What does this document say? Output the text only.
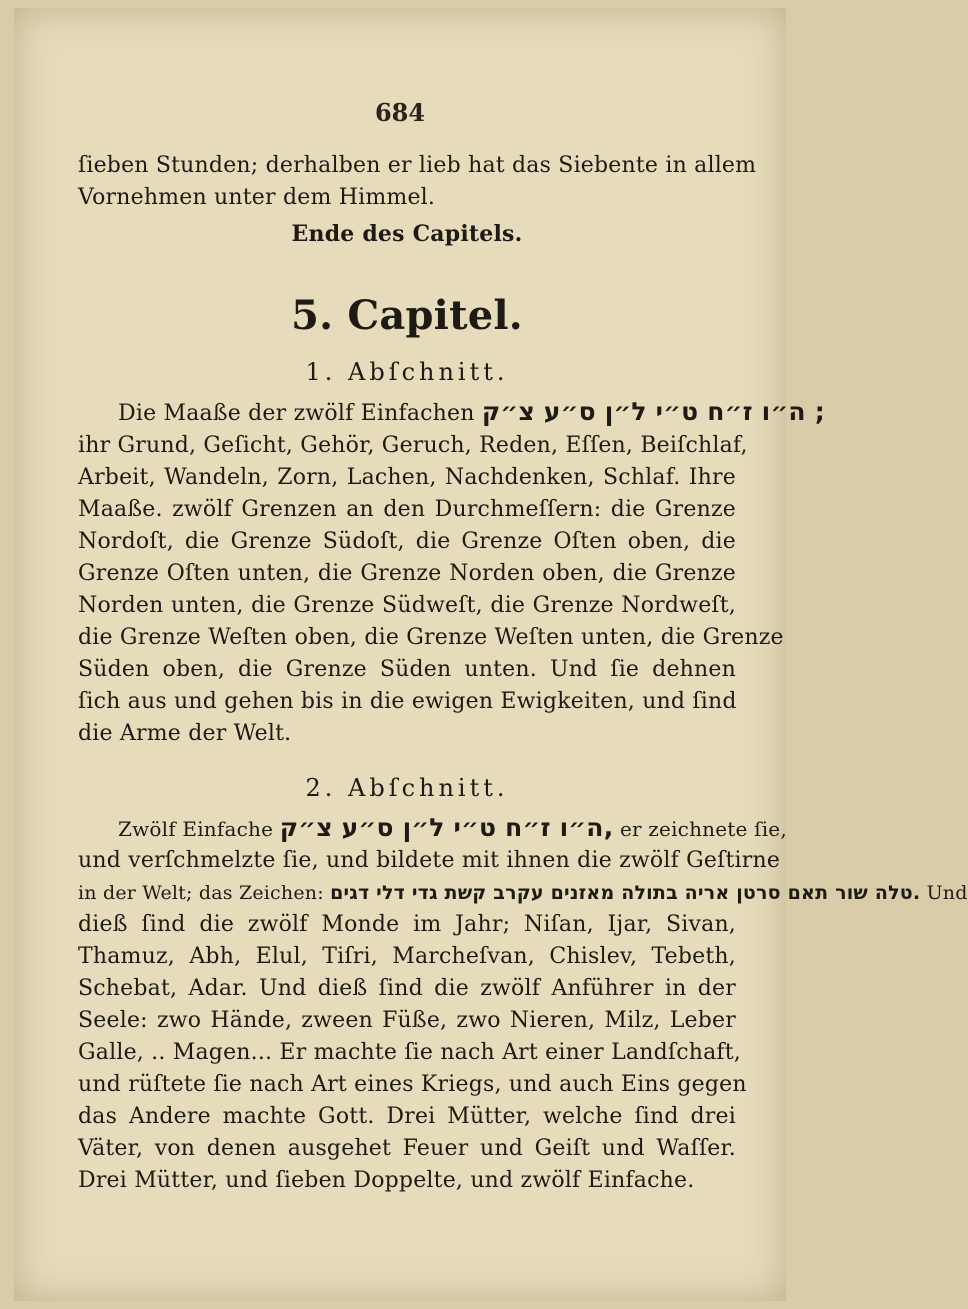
684
ſieben Stunden; derhalben er lieb hat das Siebente in allem
Vornehmen unter dem Himmel.
Ende des Capitels.
5. Capitel.
1. Abſchnitt.
Die Maaße der zwölf Einfachen ה״ו ז״ח ט״י ל״ן ס״ע צ״ק ;
ihr Grund, Geſicht, Gehör, Geruch, Reden, Eſſen, Beiſchlaf,
Arbeit, Wandeln, Zorn, Lachen, Nachdenken, Schlaf. Ihre
Maaße. zwölf Grenzen an den Durchmeſſern: die Grenze
Nordoſt, die Grenze Südoſt, die Grenze Oſten oben, die
Grenze Oſten unten, die Grenze Norden oben, die Grenze
Norden unten, die Grenze Südweſt, die Grenze Nordweſt,
die Grenze Weſten oben, die Grenze Weſten unten, die Grenze
Süden oben, die Grenze Süden unten. Und ſie dehnen
ſich aus und gehen bis in die ewigen Ewigkeiten, und ſind
die Arme der Welt.
2. Abſchnitt.
Zwölf Einfache ה״ו ז״ח ט״י ל״ן ס״ע צ״ק, er zeichnete ſie,
und verſchmelzte ſie, und bildete mit ihnen die zwölf Geſtirne
in der Welt; das Zeichen: טלה שור תאם סרטן אריה בתולה מאזנים עקרב קשת גדי דלי דגים. Und
dieß ſind die zwölf Monde im Jahr; Niſan, Ijar, Sivan,
Thamuz, Abh, Elul, Tiſri, Marcheſvan, Chislev, Tebeth,
Schebat, Adar. Und dieß ſind die zwölf Anführer in der
Seele: zwo Hände, zween Füße, zwo Nieren, Milz, Leber
Galle, .. Magen... Er machte ſie nach Art einer Landſchaft,
und rüſtete ſie nach Art eines Kriegs, und auch Eins gegen
das Andere machte Gott. Drei Mütter, welche ſind drei
Väter, von denen ausgehet Feuer und Geiſt und Waſſer.
Drei Mütter, und ſieben Doppelte, und zwölf Einfache.
